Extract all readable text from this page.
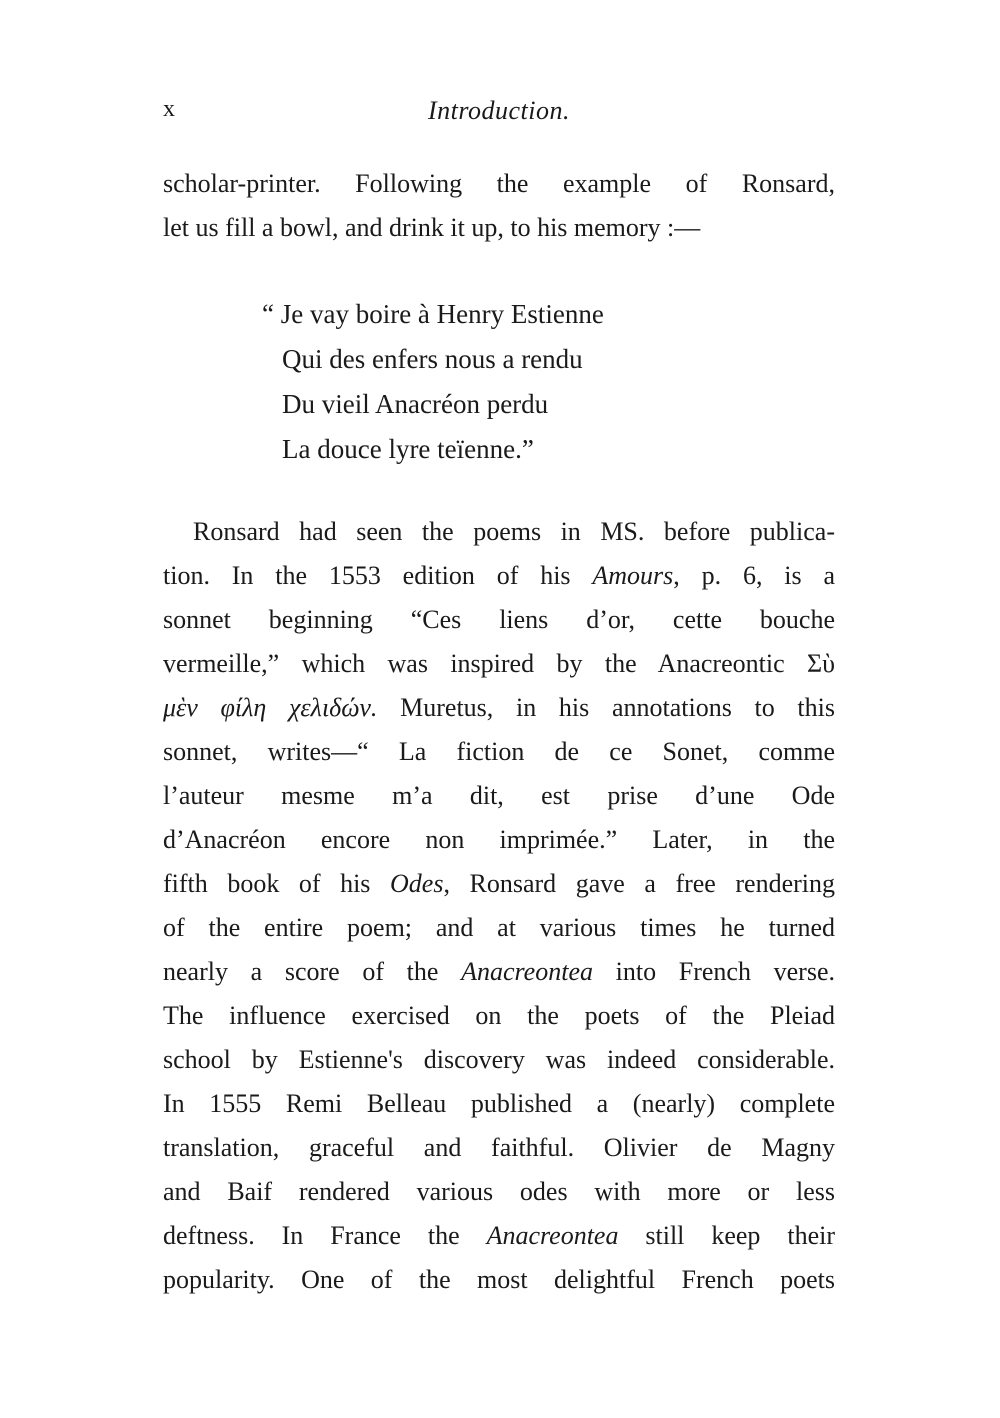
x	Introduction.
scholar-printer. Following the example of Ronsard,
let us fill a bowl, and drink it up, to his memory :—
“ Je vay boire à Henry Estienne
Qui des enfers nous a rendu
Du vieil Anacréon perdu
La douce lyre teïenne.”
Ronsard had seen the poems in MS. before publica-
tion. In the 1553 edition of his Amours, p. 6, is a
sonnet beginning “Ces liens d’or, cette bouche
vermeille,” which was inspired by the Anacreontic Σὺ
μὲν φίλη χελιδών. Muretus, in his annotations to this
sonnet, writes—“ La fiction de ce Sonet, comme
l’auteur mesme m’a dit, est prise d’une Ode
d’Anacréon encore non imprimée.” Later, in the
fifth book of his Odes, Ronsard gave a free rendering
of the entire poem; and at various times he turned
nearly a score of the Anacreontea into French verse.
The influence exercised on the poets of the Pleiad
school by Estienne's discovery was indeed considerable.
In 1555 Remi Belleau published a (nearly) complete
translation, graceful and faithful. Olivier de Magny
and Baif rendered various odes with more or less
deftness. In France the Anacreontea still keep their
popularity. One of the most delightful French poets
